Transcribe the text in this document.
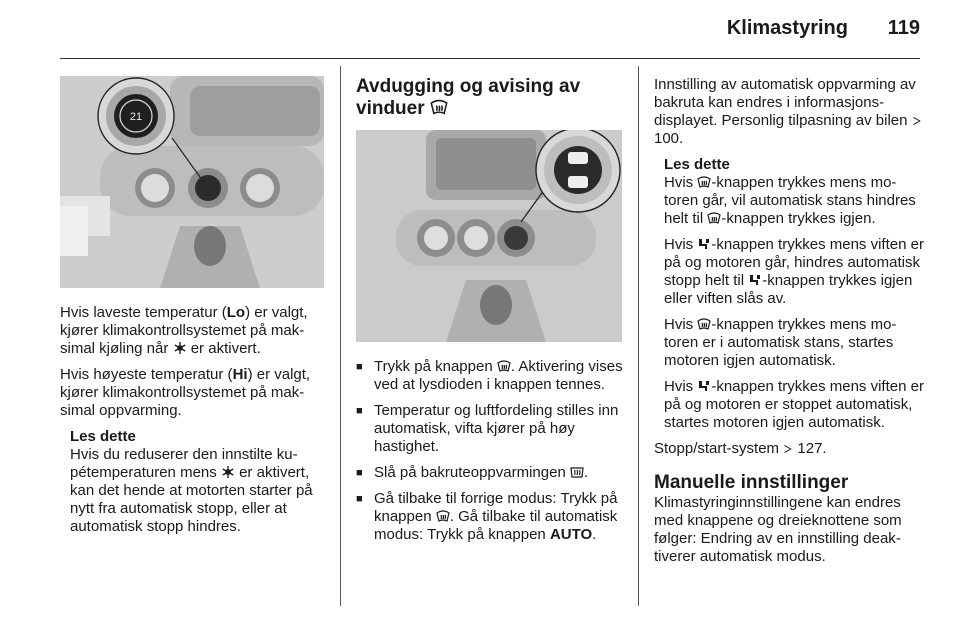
Klimastyring 119
21

Hvis laveste temperatur (Lo) er valgt, kjører klimakontrollsystemet på maksimal kjøling når er aktivert.

Hvis høyeste temperatur (Hi) er valgt, kjører klimakontrollsystemet på maksimal oppvarming.

Les dette

Hvis du reduserer den innstilte kupétemperaturen mens er aktivert, kan det hende at motorten starter på nytt fra automatisk stopp, eller at automatisk stopp hindres.

Avdugging og avising av vinduer
■ Trykk på knappen . Aktivering vises ved at lysdioden i knappen tennes.
■ Temperatur og luftfordeling stilles inn automatisk, vifta kjører på høy hastighet.
■ Slå på bakruteoppvarmingen .
■ Gå tilbake til forrige modus: Trykk på knappen . Gå tilbake til automatisk modus: Trykk på knappen AUTO.

Innstilling av automatisk oppvarming av bakruta kan endres i informasjonsdisplayet. Personlig tilpasning av bilen  100.

Les dette

Hvis -knappen trykkes mens motoren går, vil automatisk stans hindres helt til -knappen trykkes igjen.

Hvis -knappen trykkes mens viften er på og motoren går, hindres automatisk stopp helt til -knappen trykkes igjen eller viften slås av.

Hvis -knappen trykkes mens motoren er i automatisk stans, startes motoren igjen automatisk.

Hvis -knappen trykkes mens viften er på og motoren er stoppet automatisk, startes motoren igjen automatisk.

Stopp/start-system 127.

Manuelle innstillinger

Klimastyringinnstillingene kan endres med knappene og dreieknottene som følger: Endring av en innstilling deaktiverer automatisk modus.
